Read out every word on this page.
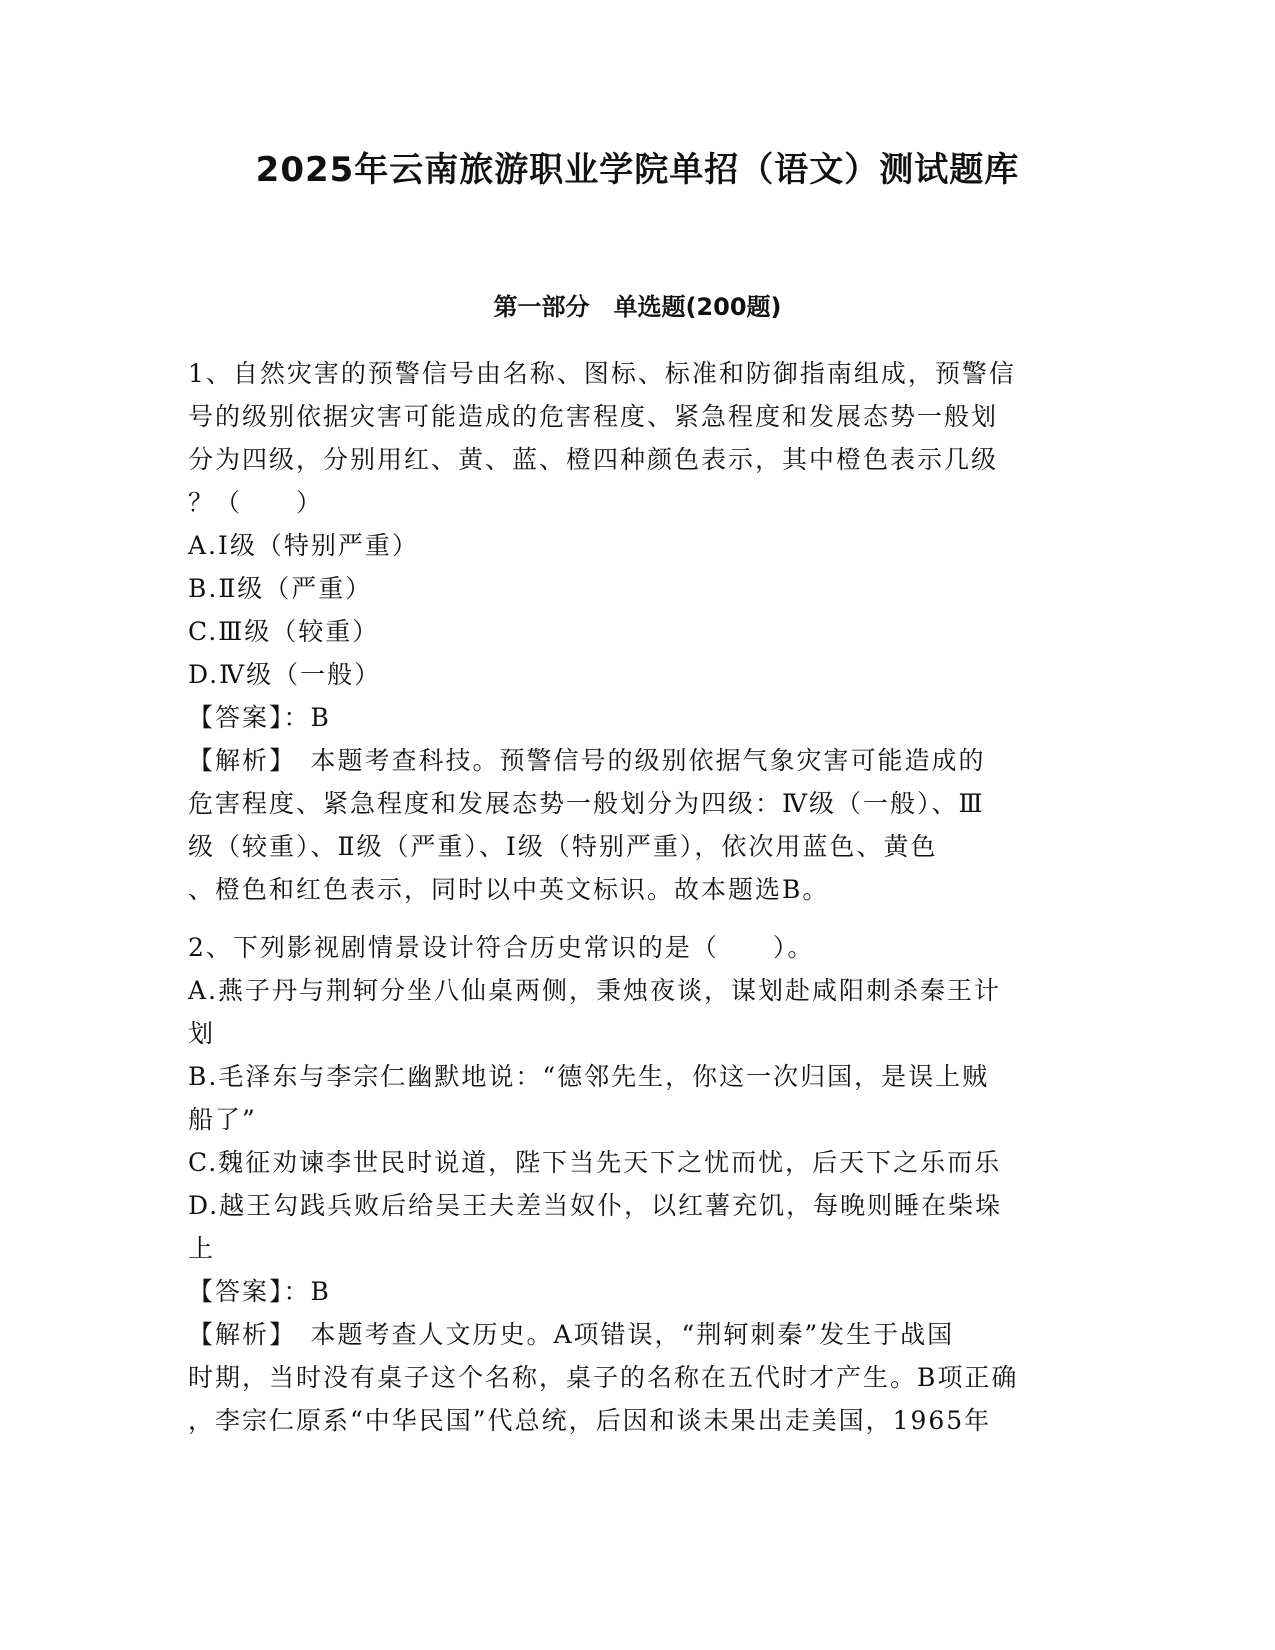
2025年云南旅游职业学院单招（语文）测试题库
第一部分　单选题(200题)
1、自然灾害的预警信号由名称、图标、标准和防御指南组成，预警信
号的级别依据灾害可能造成的危害程度、紧急程度和发展态势一般划
分为四级，分别用红、黄、蓝、橙四种颜色表示，其中橙色表示几级
？（　　）
A.Ⅰ级（特别严重）
B.Ⅱ级（严重）
C.Ⅲ级（较重）
D.Ⅳ级（一般）
【答案】：B
【解析】　本题考查科技。预警信号的级别依据气象灾害可能造成的
危害程度、紧急程度和发展态势一般划分为四级：Ⅳ级（一般）、Ⅲ
级（较重）、Ⅱ级（严重）、Ⅰ级（特别严重），依次用蓝色、黄色
、橙色和红色表示，同时以中英文标识。故本题选B。
2、下列影视剧情景设计符合历史常识的是（　　）。
A.燕子丹与荆轲分坐八仙桌两侧，秉烛夜谈，谋划赴咸阳刺杀秦王计
划
B.毛泽东与李宗仁幽默地说：“德邻先生，你这一次归国，是误上贼
船了”
C.魏征劝谏李世民时说道，陛下当先天下之忧而忧，后天下之乐而乐
D.越王勾践兵败后给吴王夫差当奴仆，以红薯充饥，每晚则睡在柴垛
上
【答案】：B
【解析】　本题考查人文历史。A项错误，“荆轲刺秦”发生于战国
时期，当时没有桌子这个名称，桌子的名称在五代时才产生。B项正确
，李宗仁原系“中华民国”代总统，后因和谈未果出走美国，1965年
